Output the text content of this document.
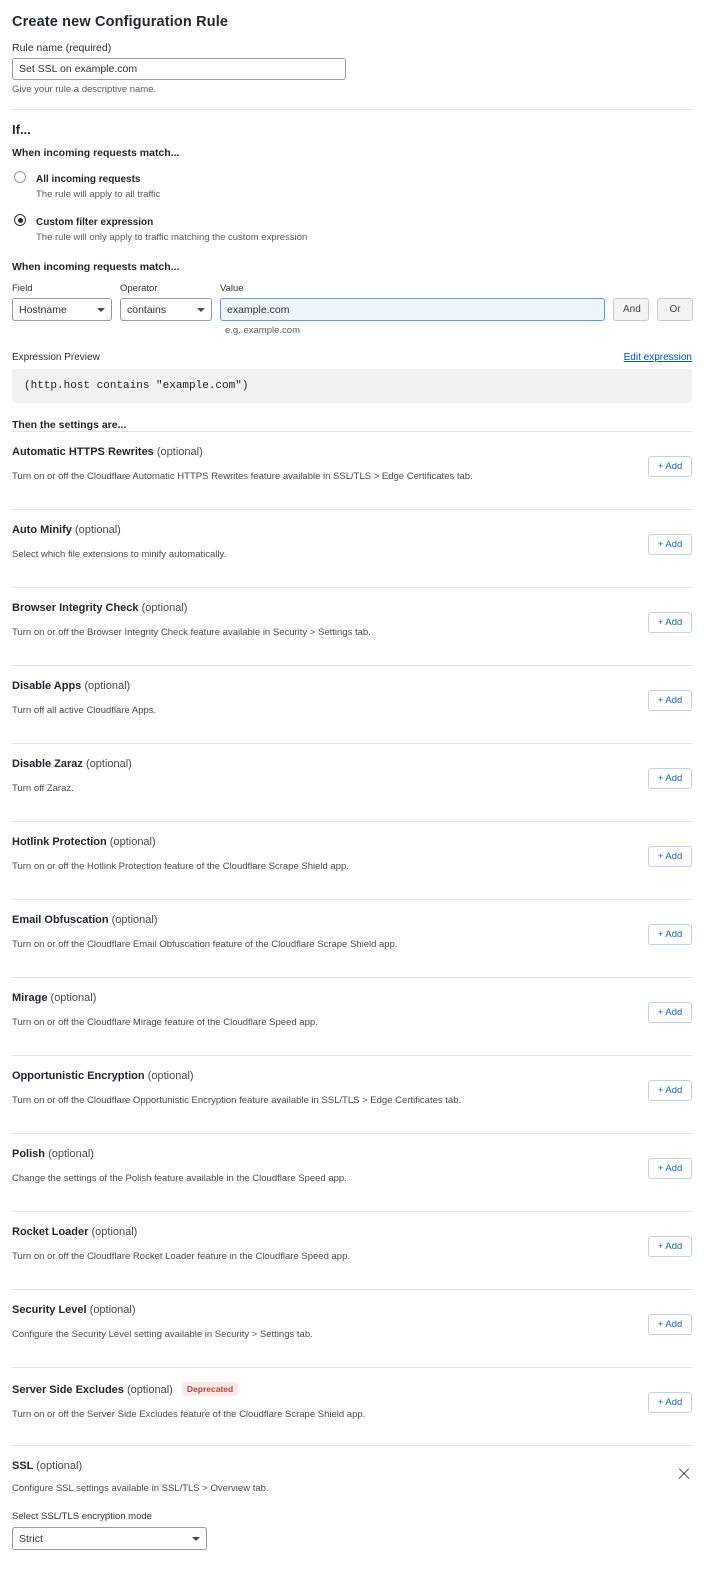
Create new Configuration Rule
Rule name (required)
Set SSL on example.com
Give your rule a descriptive name.
If...
When incoming requests match...
All incoming requests
The rule will apply to all traffic
Custom filter expression
The rule will only apply to traffic matching the custom expression
When incoming requests match...
Field
Hostname
Operator
contains
Value
example.com
And	Or
e.g. example.com
Expression Preview	Edit expression
(http.host contains "example.com")
Then the settings are...
Automatic HTTPS Rewrites (optional)
Turn on or off the Cloudflare Automatic HTTPS Rewrites feature available in SSL/TLS > Edge Certificates tab.
+ Add
Auto Minify (optional)
Select which file extensions to minify automatically.
+ Add
Browser Integrity Check (optional)
Turn on or off the Browser Integrity Check feature available in Security > Settings tab.
+ Add
Disable Apps (optional)
Turn off all active Cloudflare Apps.
+ Add
Disable Zaraz (optional)
Turn off Zaraz.
+ Add
Hotlink Protection (optional)
Turn on or off the Hotlink Protection feature of the Cloudflare Scrape Shield app.
+ Add
Email Obfuscation (optional)
Turn on or off the Cloudflare Email Obfuscation feature of the Cloudflare Scrape Shield app.
+ Add
Mirage (optional)
Turn on or off the Cloudflare Mirage feature of the Cloudflare Speed app.
+ Add
Opportunistic Encryption (optional)
Turn on or off the Cloudflare Opportunistic Encryption feature available in SSL/TLS > Edge Certificates tab.
+ Add
Polish (optional)
Change the settings of the Polish feature available in the Cloudflare Speed app.
+ Add
Rocket Loader (optional)
Turn on or off the Cloudflare Rocket Loader feature in the Cloudflare Speed app.
+ Add
Security Level (optional)
Configure the Security Level setting available in Security > Settings tab.
+ Add
Server Side Excludes (optional) Deprecated
Turn on or off the Server Side Excludes feature of the Cloudflare Scrape Shield app.
+ Add
SSL (optional)
Configure SSL settings available in SSL/TLS > Overview tab.
Select SSL/TLS encryption mode
Strict
